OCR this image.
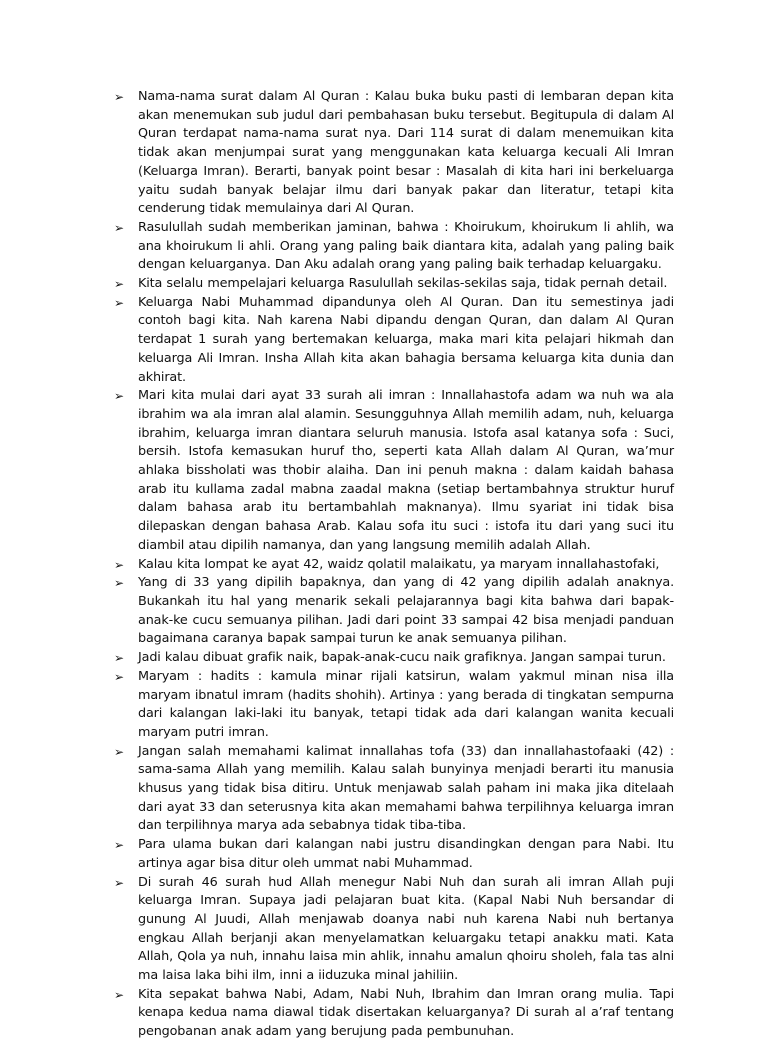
➢	Nama-nama surat dalam Al Quran : Kalau buka buku pasti di lembaran depan kita akan menemukan sub judul dari pembahasan buku tersebut. Begitupula di dalam Al Quran terdapat nama-nama surat nya. Dari 114 surat di dalam menemuikan kita tidak akan menjumpai surat yang menggunakan kata keluarga kecuali Ali Imran (Keluarga Imran). Berarti, banyak point besar : Masalah di kita hari ini berkeluarga yaitu sudah banyak belajar ilmu dari banyak pakar dan literatur, tetapi kita cenderung tidak memulainya dari Al Quran.
➢	Rasulullah sudah memberikan jaminan, bahwa : Khoirukum, khoirukum li ahlih, wa ana khoirukum li ahli. Orang yang paling baik diantara kita, adalah yang paling baik dengan keluarganya. Dan Aku adalah orang yang paling baik terhadap keluargaku.
➢	Kita selalu mempelajari keluarga Rasulullah sekilas-sekilas saja, tidak pernah detail.
➢	Keluarga Nabi Muhammad dipandunya oleh Al Quran. Dan itu semestinya jadi contoh bagi kita. Nah karena Nabi dipandu dengan Quran, dan dalam Al Quran terdapat 1 surah yang bertemakan keluarga, maka mari kita pelajari hikmah dan keluarga Ali Imran. Insha Allah kita akan bahagia bersama keluarga kita dunia dan akhirat.
➢	Mari kita mulai dari ayat 33 surah ali imran : Innallahastofa adam wa nuh wa ala ibrahim wa ala imran alal alamin. Sesungguhnya Allah memilih adam, nuh, keluarga ibrahim, keluarga imran diantara seluruh manusia. Istofa asal katanya sofa : Suci, bersih. Istofa kemasukan huruf tho, seperti kata Allah dalam Al Quran, wa’mur ahlaka bissholati was thobir alaiha. Dan ini penuh makna : dalam kaidah bahasa arab itu kullama zadal mabna zaadal makna (setiap bertambahnya struktur huruf dalam bahasa arab itu bertambahlah maknanya). Ilmu syariat ini tidak bisa dilepaskan dengan bahasa Arab. Kalau sofa itu suci : istofa itu dari yang suci itu diambil atau dipilih namanya, dan yang langsung memilih adalah Allah.
➢	Kalau kita lompat ke ayat 42, waidz qolatil malaikatu, ya maryam innallahastofaki,
➢	Yang di 33 yang dipilih bapaknya, dan yang di 42 yang dipilih adalah anaknya. Bukankah itu hal yang menarik sekali pelajarannya bagi kita bahwa dari bapak-anak-ke cucu semuanya pilihan. Jadi dari point 33 sampai 42 bisa menjadi panduan bagaimana caranya bapak sampai turun ke anak semuanya pilihan.
➢	Jadi kalau dibuat grafik naik, bapak-anak-cucu naik grafiknya. Jangan sampai turun.
➢	Maryam : hadits : kamula minar rijali katsirun, walam yakmul minan nisa illa maryam ibnatul imram (hadits shohih). Artinya : yang berada di tingkatan sempurna dari kalangan laki-laki itu banyak, tetapi tidak ada dari kalangan wanita kecuali maryam putri imran.
➢	Jangan salah memahami kalimat innallahas tofa (33) dan innallahastofaaki (42) : sama-sama Allah yang memilih. Kalau salah bunyinya menjadi berarti itu manusia khusus yang tidak bisa ditiru. Untuk menjawab salah paham ini maka jika ditelaah dari ayat 33 dan seterusnya kita akan memahami bahwa terpilihnya keluarga imran dan terpilihnya marya ada sebabnya tidak tiba-tiba.
➢	Para ulama bukan dari kalangan nabi justru disandingkan dengan para Nabi. Itu artinya agar bisa ditur oleh ummat nabi Muhammad.
➢	Di surah 46 surah hud Allah menegur Nabi Nuh dan surah ali imran Allah puji keluarga Imran. Supaya jadi pelajaran buat kita. (Kapal Nabi Nuh bersandar di gunung Al Juudi, Allah menjawab doanya nabi nuh karena Nabi nuh bertanya engkau Allah berjanji akan menyelamatkan keluargaku tetapi anakku mati. Kata Allah, Qola ya nuh, innahu laisa min ahlik, innahu amalun qhoiru sholeh, fala tas alni ma laisa laka bihi ilm, inni a iiduzuka minal jahiliin.
➢	Kita sepakat bahwa Nabi, Adam, Nabi Nuh, Ibrahim dan Imran orang mulia. Tapi kenapa kedua nama diawal tidak disertakan keluarganya? Di surah al a’raf tentang pengobanan anak adam yang berujung pada pembunuhan.
